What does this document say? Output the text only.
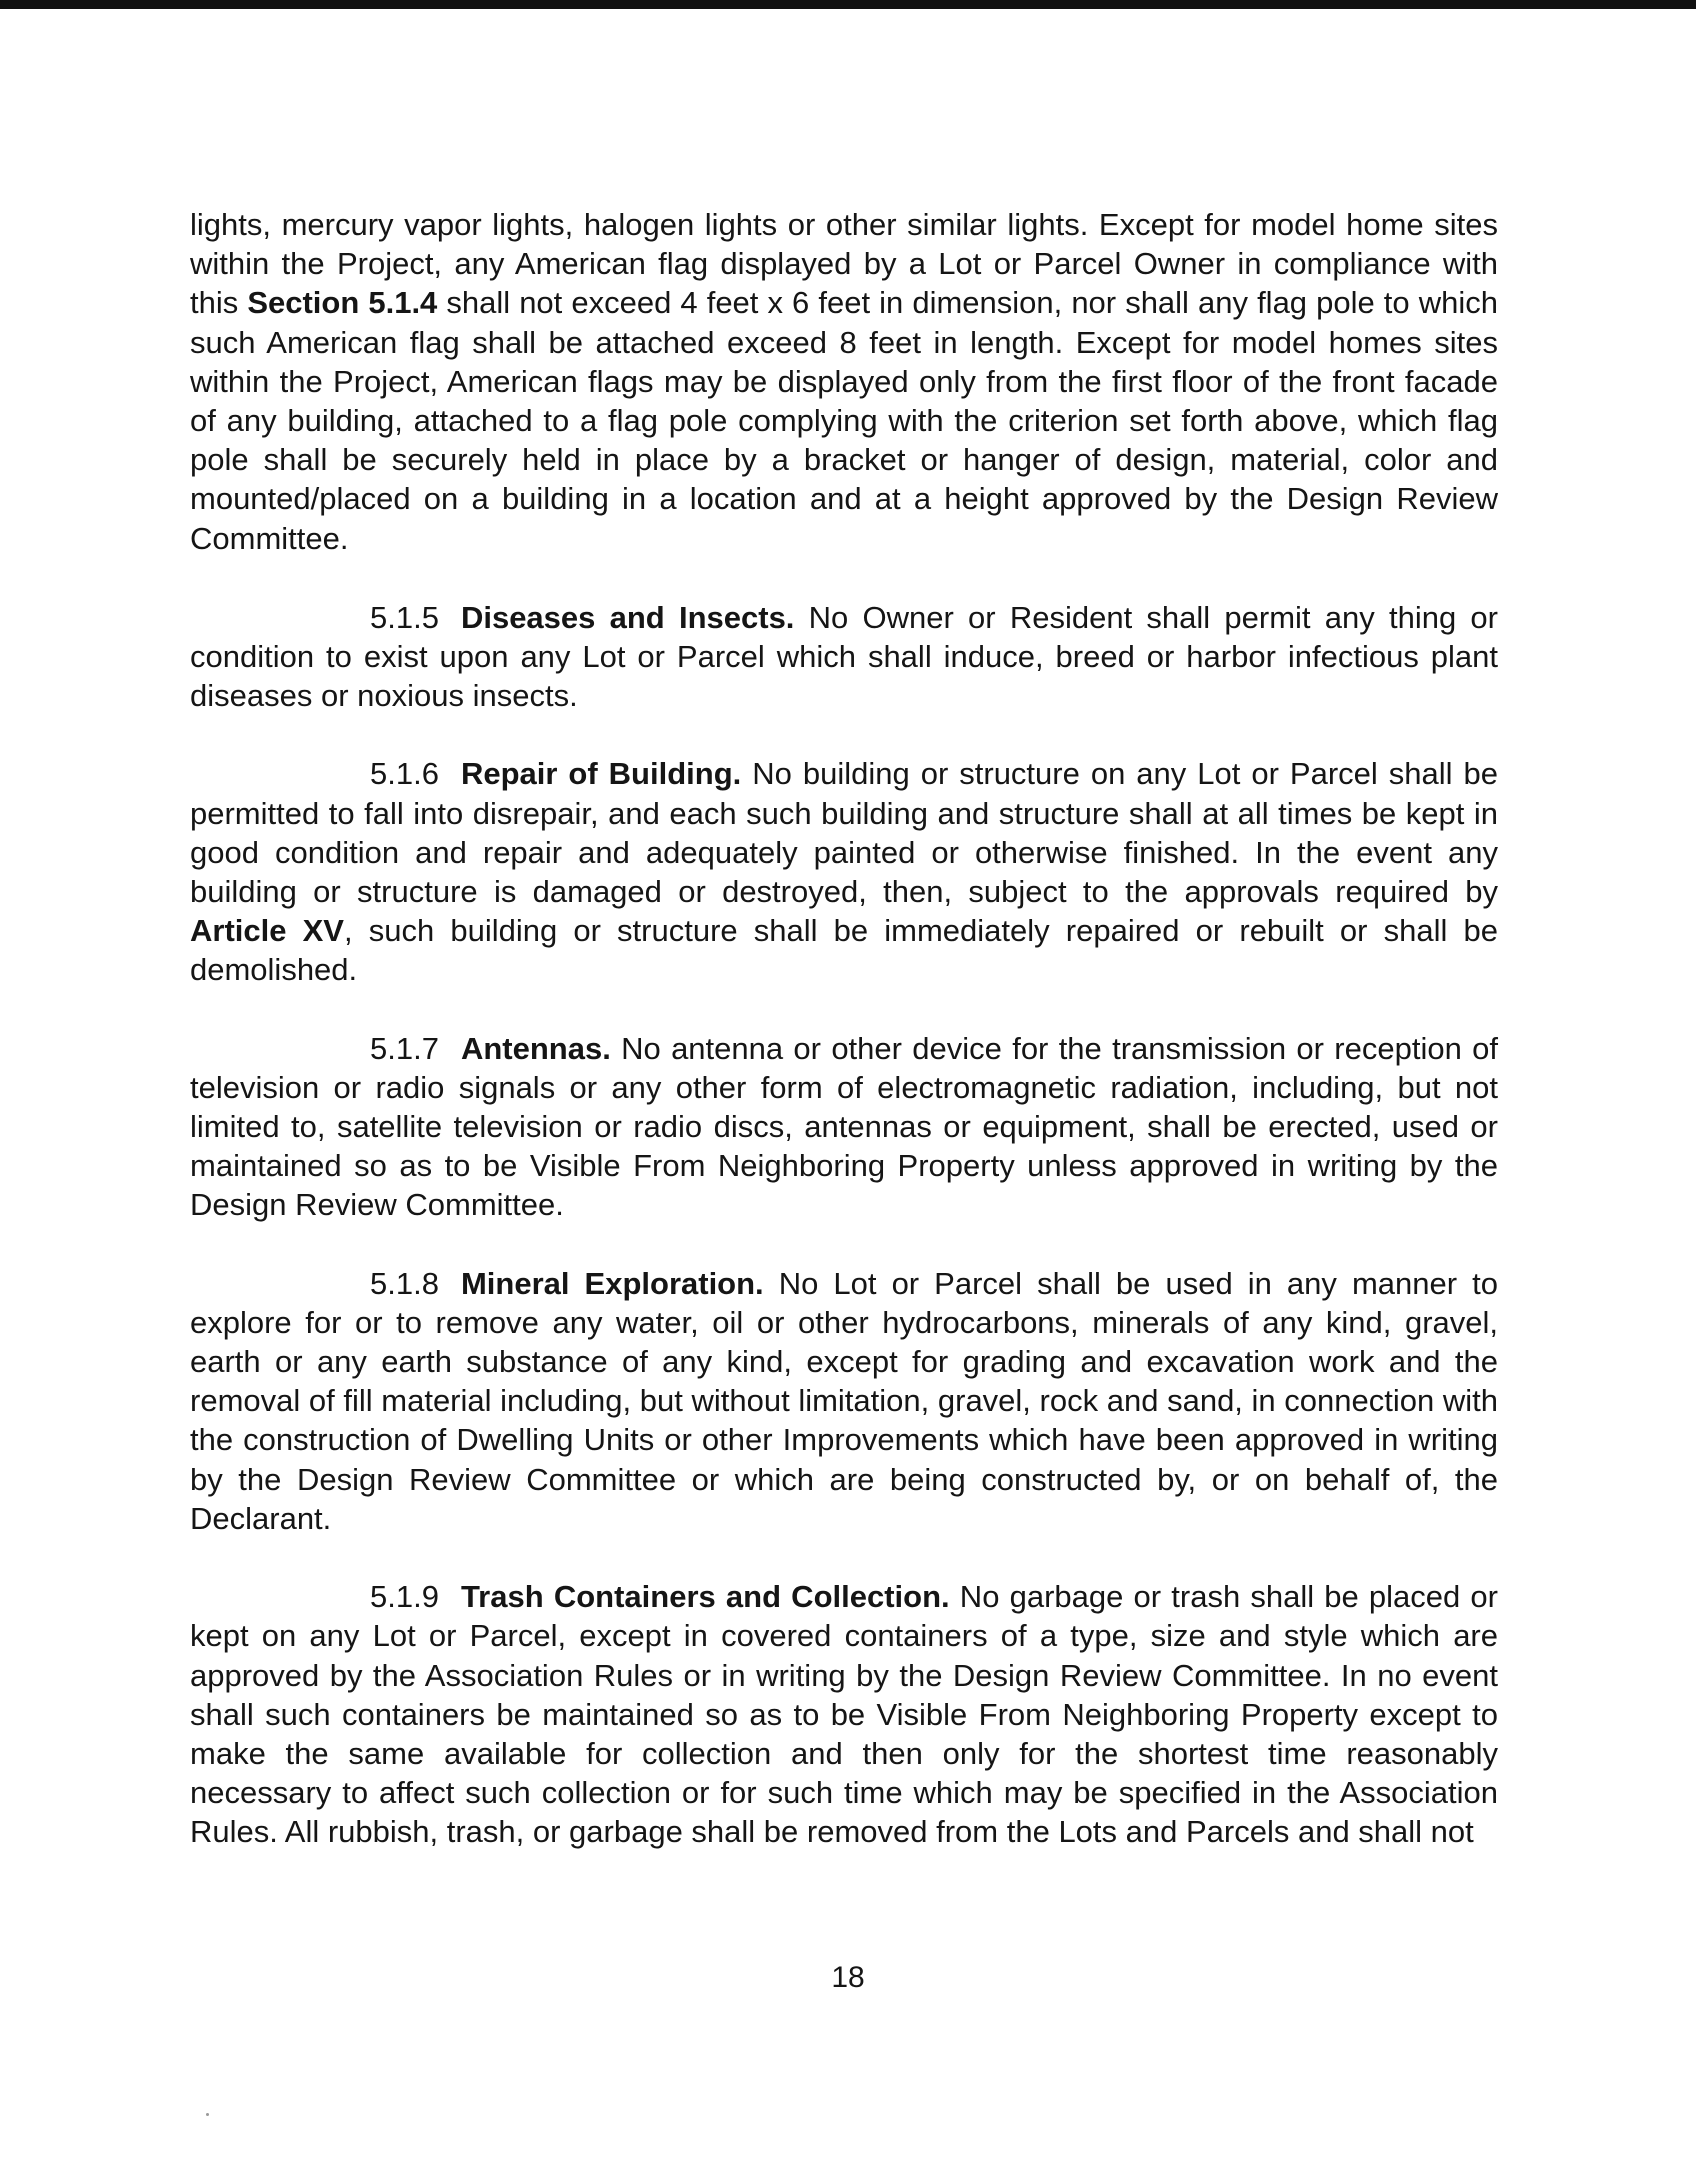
lights, mercury vapor lights, halogen lights or other similar lights. Except for model home sites within the Project, any American flag displayed by a Lot or Parcel Owner in compliance with this Section 5.1.4 shall not exceed 4 feet x 6 feet in dimension, nor shall any flag pole to which such American flag shall be attached exceed 8 feet in length. Except for model homes sites within the Project, American flags may be displayed only from the first floor of the front facade of any building, attached to a flag pole complying with the criterion set forth above, which flag pole shall be securely held in place by a bracket or hanger of design, material, color and mounted/placed on a building in a location and at a height approved by the Design Review Committee.

5.1.5 Diseases and Insects. No Owner or Resident shall permit any thing or condition to exist upon any Lot or Parcel which shall induce, breed or harbor infectious plant diseases or noxious insects.

5.1.6 Repair of Building. No building or structure on any Lot or Parcel shall be permitted to fall into disrepair, and each such building and structure shall at all times be kept in good condition and repair and adequately painted or otherwise finished. In the event any building or structure is damaged or destroyed, then, subject to the approvals required by Article XV, such building or structure shall be immediately repaired or rebuilt or shall be demolished.

5.1.7 Antennas. No antenna or other device for the transmission or reception of television or radio signals or any other form of electromagnetic radiation, including, but not limited to, satellite television or radio discs, antennas or equipment, shall be erected, used or maintained so as to be Visible From Neighboring Property unless approved in writing by the Design Review Committee.

5.1.8 Mineral Exploration. No Lot or Parcel shall be used in any manner to explore for or to remove any water, oil or other hydrocarbons, minerals of any kind, gravel, earth or any earth substance of any kind, except for grading and excavation work and the removal of fill material including, but without limitation, gravel, rock and sand, in connection with the construction of Dwelling Units or other Improvements which have been approved in writing by the Design Review Committee or which are being constructed by, or on behalf of, the Declarant.

5.1.9 Trash Containers and Collection. No garbage or trash shall be placed or kept on any Lot or Parcel, except in covered containers of a type, size and style which are approved by the Association Rules or in writing by the Design Review Committee. In no event shall such containers be maintained so as to be Visible From Neighboring Property except to make the same available for collection and then only for the shortest time reasonably necessary to affect such collection or for such time which may be specified in the Association Rules. All rubbish, trash, or garbage shall be removed from the Lots and Parcels and shall not

18
